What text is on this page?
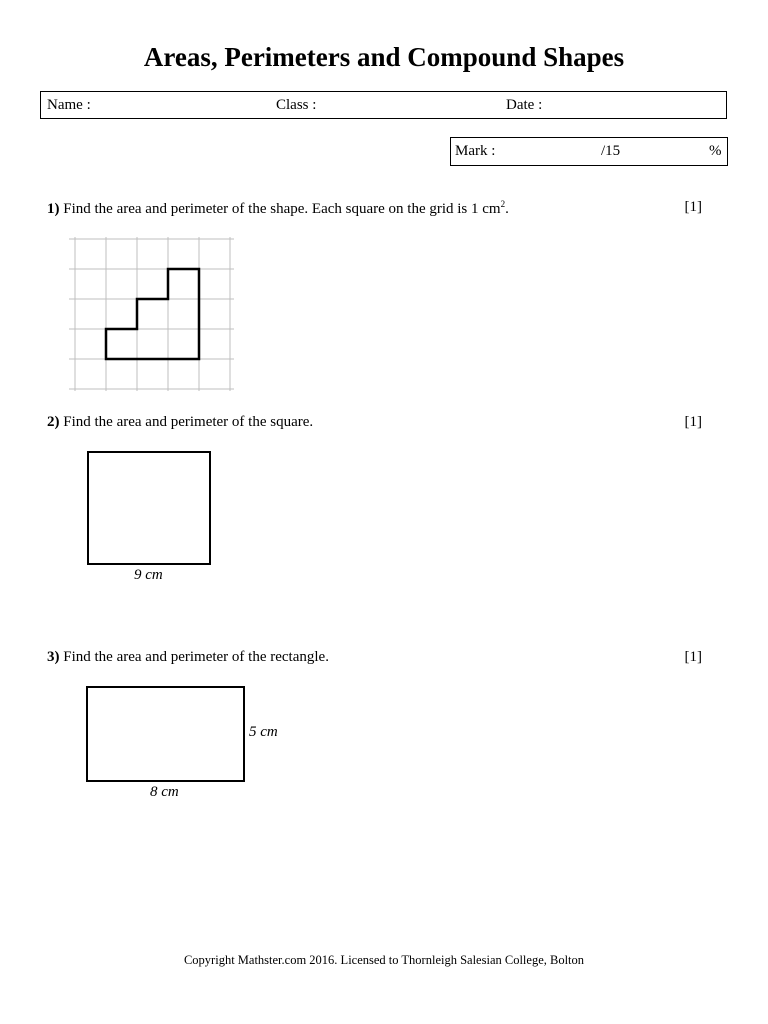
Areas, Perimeters and Compound Shapes
Name :	Class :	Date :
Mark :	/15	%
1) Find the area and perimeter of the shape. Each square on the grid is 1 $cm^2$.	[1]
2) Find the area and perimeter of the square.	[1]
9 cm
3) Find the area and perimeter of the rectangle.	[1]
5 cm
8 cm
Copyright Mathster.com 2016. Licensed to Thornleigh Salesian College, Bolton
